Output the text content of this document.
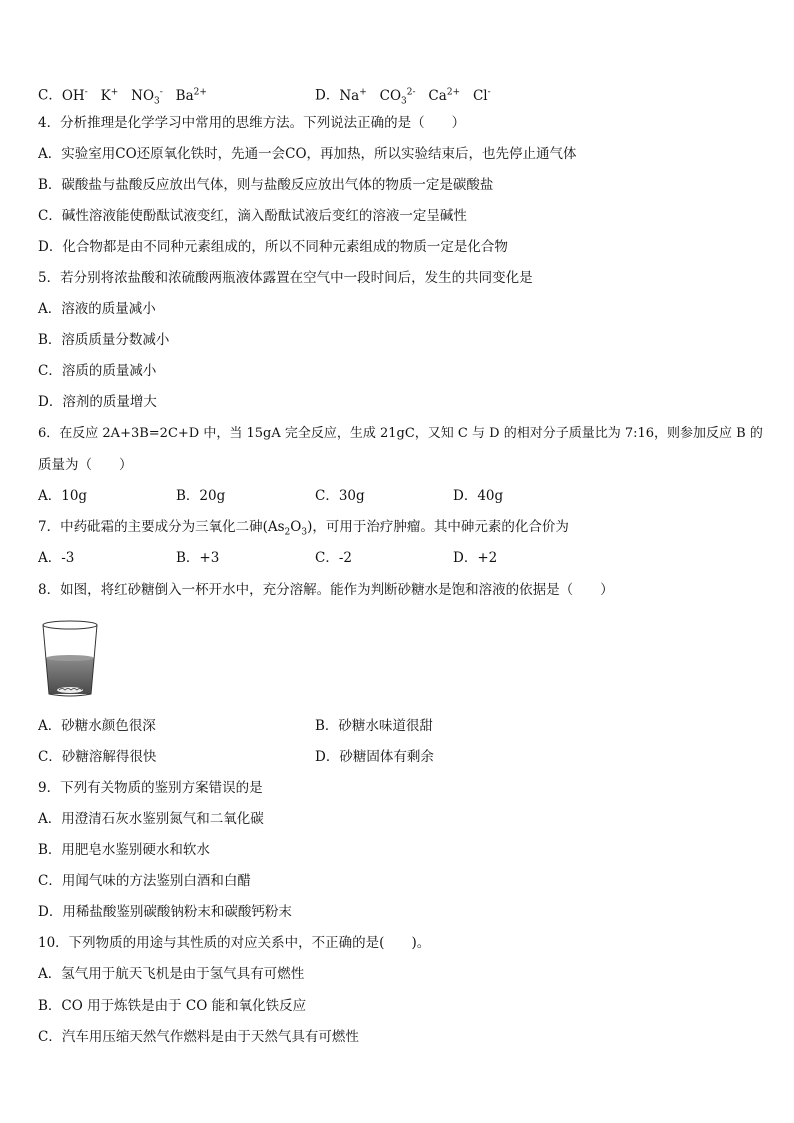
C．OH- K+ $NO_3^-$ $Ba^{2+}$	D．Na+ $CO_3^{2-}$ $Ca^{2+}$ Cl-
4．分析推理是化学学习中常用的思维方法。下列说法正确的是（　　）
A．实验室用CO还原氧化铁时，先通一会CO，再加热，所以实验结束后，也先停止通气体
B．碳酸盐与盐酸反应放出气体，则与盐酸反应放出气体的物质一定是碳酸盐
C．碱性溶液能使酚酞试液变红，滴入酚酞试液后变红的溶液一定呈碱性
D．化合物都是由不同种元素组成的，所以不同种元素组成的物质一定是化合物
5．若分别将浓盐酸和浓硫酸两瓶液体露置在空气中一段时间后，发生的共同变化是
A．溶液的质量减小
B．溶质质量分数减小
C．溶质的质量减小
D．溶剂的质量增大
6．在反应 2A+3B=2C+D 中，当 15gA 完全反应，生成 21gC，又知 C 与 D 的相对分子质量比为 7:16，则参加反应 B 的
质量为（　　）
A．10g	B．20g	C．30g	D．40g
7．中药砒霜的主要成分为三氧化二砷$(As_2O_3)$，可用于治疗肿瘤。其中砷元素的化合价为
A．-3	B．+3	C．-2	D．+2
8．如图，将红砂糖倒入一杯开水中，充分溶解。能作为判断砂糖水是饱和溶液的依据是（　　）
A．砂糖水颜色很深	B．砂糖水味道很甜
C．砂糖溶解得很快	D．砂糖固体有剩余
9．下列有关物质的鉴别方案错误的是
A．用澄清石灰水鉴别氮气和二氧化碳
B．用肥皂水鉴别硬水和软水
C．用闻气味的方法鉴别白酒和白醋
D．用稀盐酸鉴别碳酸钠粉末和碳酸钙粉末
10．下列物质的用途与其性质的对应关系中，不正确的是(　　)。
A．氢气用于航天飞机是由于氢气具有可燃性
B．CO 用于炼铁是由于 CO 能和氧化铁反应
C．汽车用压缩天然气作燃料是由于天然气具有可燃性
